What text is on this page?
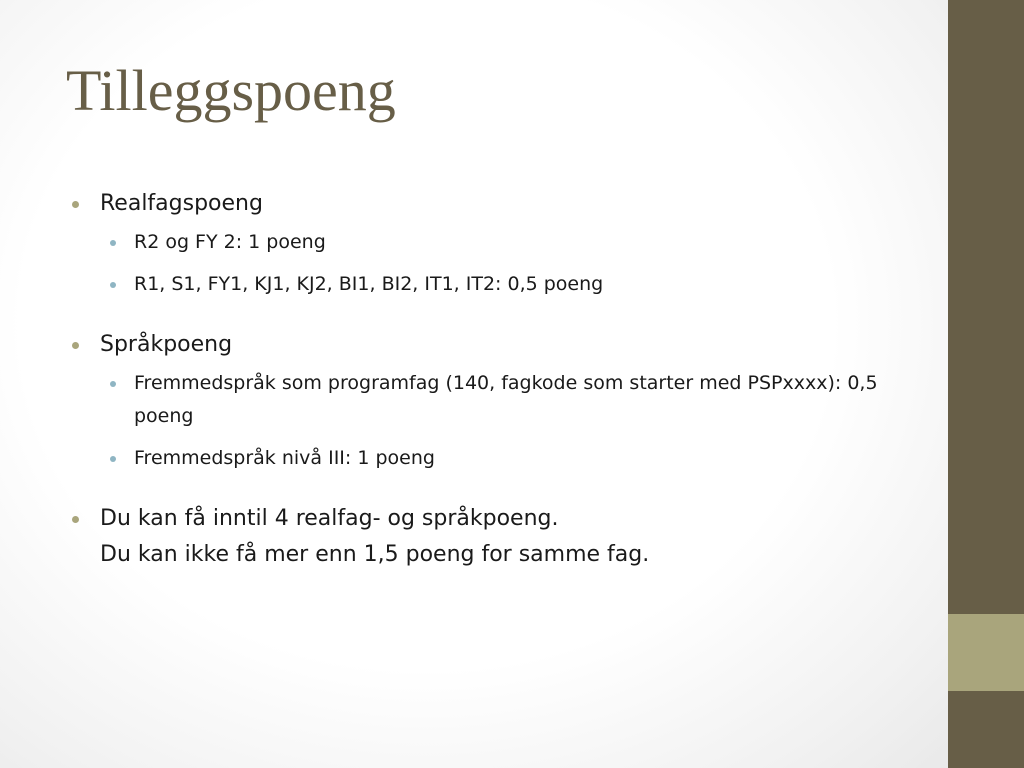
Tilleggspoeng
Realfagspoeng
R2 og FY 2: 1 poeng
R1, S1, FY1, KJ1, KJ2, BI1, BI2, IT1, IT2: 0,5 poeng
Språkpoeng
Fremmedspråk som programfag (140, fagkode som starter med PSPxxxx): 0,5 poeng
Fremmedspråk nivå III: 1 poeng
Du kan få inntil 4 realfag- og språkpoeng.
Du kan ikke få mer enn 1,5 poeng for samme fag.
